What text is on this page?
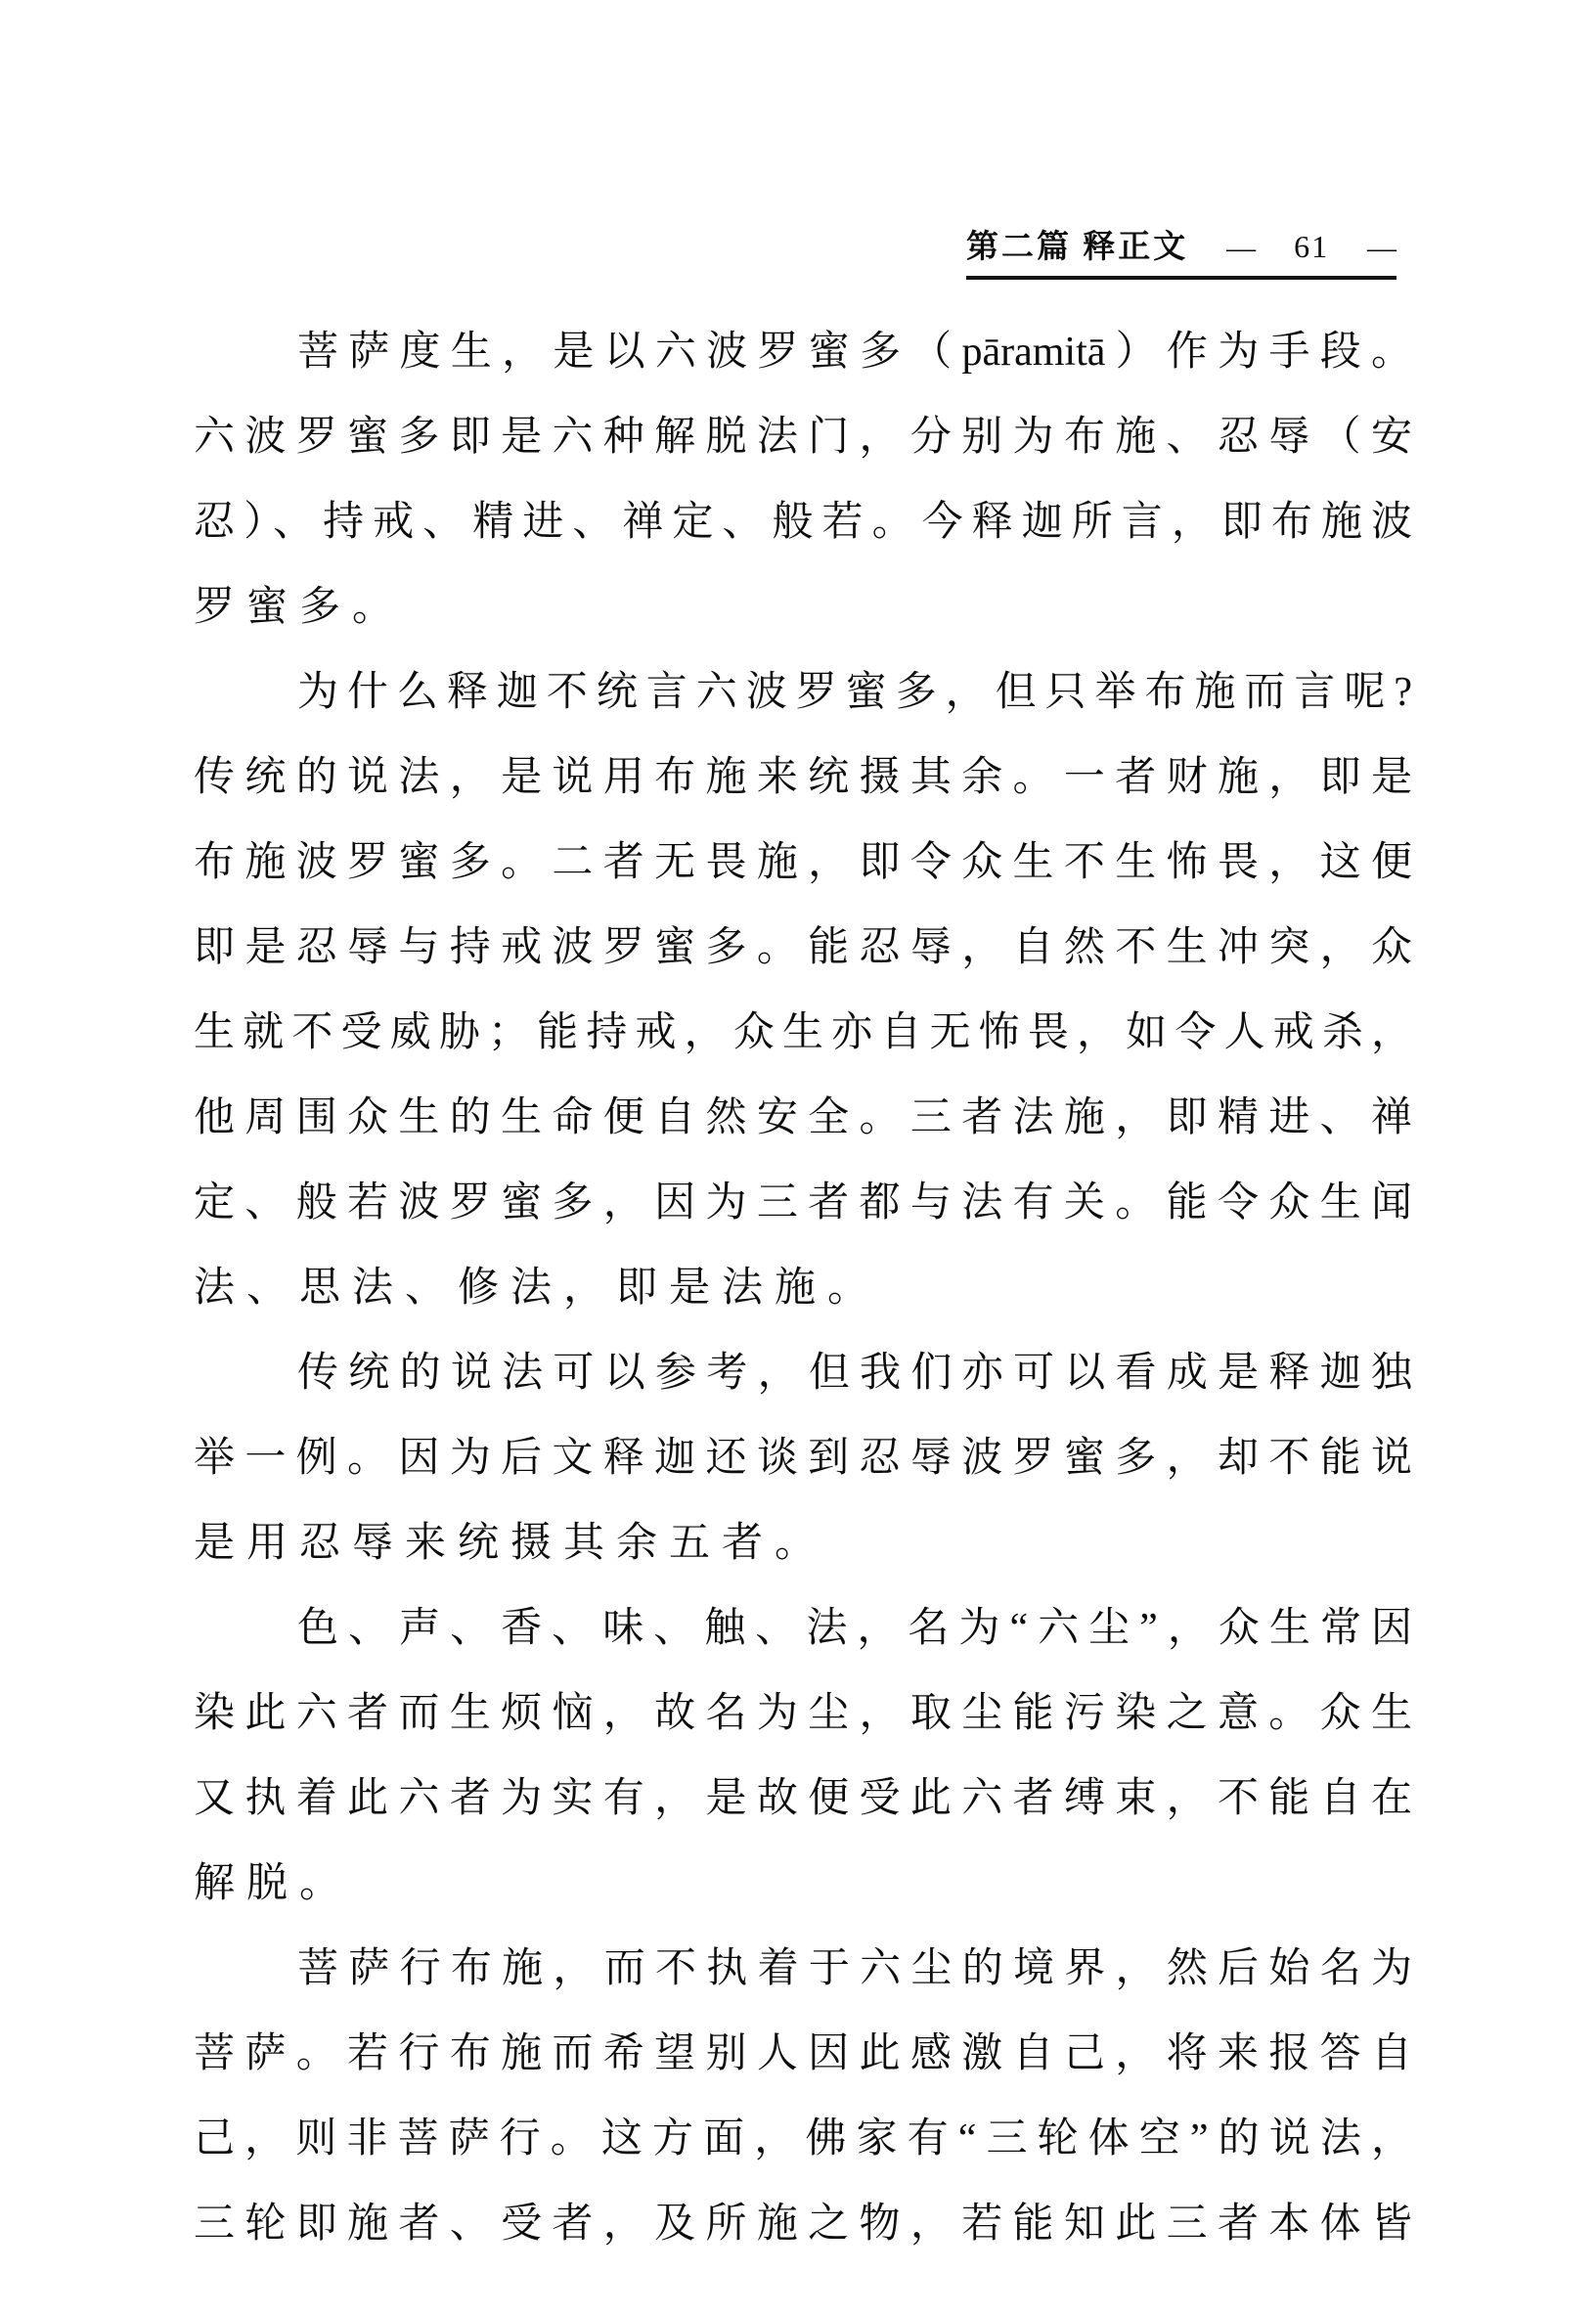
第二篇 释正文 — 61 —
菩萨度生，是以六波罗蜜多（pāramitā）作为手段。
六波罗蜜多即是六种解脱法门，分别为布施、忍辱（安
忍）、持戒、精进、禅定、般若。今释迦所言，即布施波
罗蜜多。
为什么释迦不统言六波罗蜜多，但只举布施而言呢?
传统的说法，是说用布施来统摄其余。一者财施，即是
布施波罗蜜多。二者无畏施，即令众生不生怖畏，这便
即是忍辱与持戒波罗蜜多。能忍辱，自然不生冲突，众
生就不受威胁；能持戒，众生亦自无怖畏，如令人戒杀，
他周围众生的生命便自然安全。三者法施，即精进、禅
定、般若波罗蜜多，因为三者都与法有关。能令众生闻
法、思法、修法，即是法施。
传统的说法可以参考，但我们亦可以看成是释迦独
举一例。因为后文释迦还谈到忍辱波罗蜜多，却不能说
是用忍辱来统摄其余五者。
色、声、香、味、触、法，名为“六尘”，众生常因
染此六者而生烦恼，故名为尘，取尘能污染之意。众生
又执着此六者为实有，是故便受此六者缚束，不能自在
解脱。
菩萨行布施，而不执着于六尘的境界，然后始名为
菩萨。若行布施而希望别人因此感激自己，将来报答自
己，则非菩萨行。这方面，佛家有“三轮体空”的说法，
三轮即施者、受者，及所施之物，若能知此三者本体皆
